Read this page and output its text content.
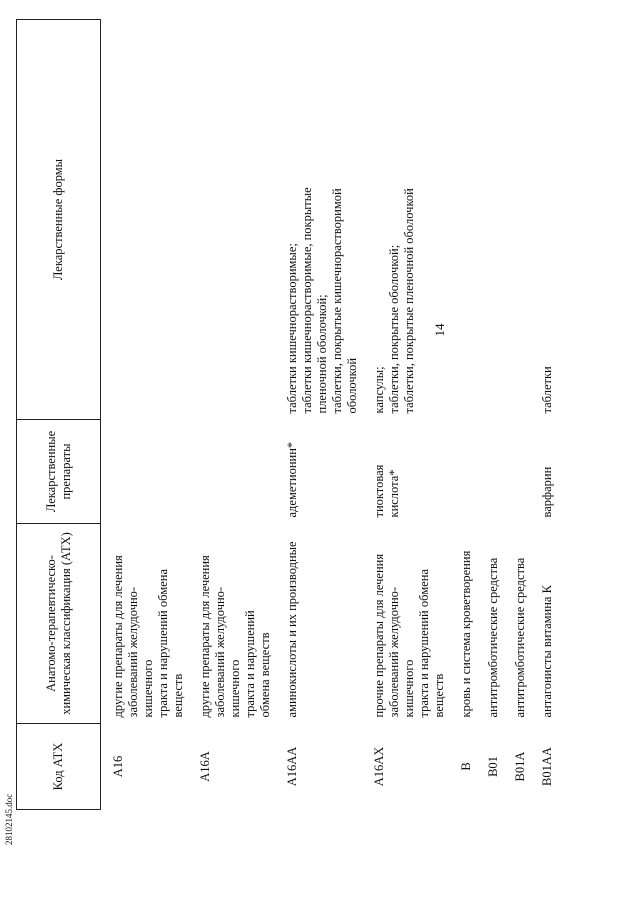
14
Код АТХ	Анатомо-терапевтическо-химическая классификация (АТХ)	Лекарственные препараты	Лекарственные формы
A16	другие препараты для лечения заболеваний желудочно-кишечного тракта и нарушений обмена веществ		

A16A	другие препараты для лечения заболеваний желудочно-кишечного тракта и нарушений обмена веществ		

A16AA	аминокислоты и их производные	адеметионин*	таблетки кишечнорастворимые; таблетки кишечнорастворимые, покрытые пленочной оболочкой; таблетки, покрытые кишечнорастворимой оболочкой

A16AX	прочие препараты для лечения заболеваний желудочно-кишечного тракта и нарушений обмена веществ	тиоктовая кислота*	капсулы; таблетки, покрытые оболочкой; таблетки, покрытые пленочной оболочкой

B	кровь и система кроветворения		

B01	антитромботические средства		

B01A	антитромботические средства		

B01AA	антагонисты витамина К	варфарин	таблетки
28102145.doc
